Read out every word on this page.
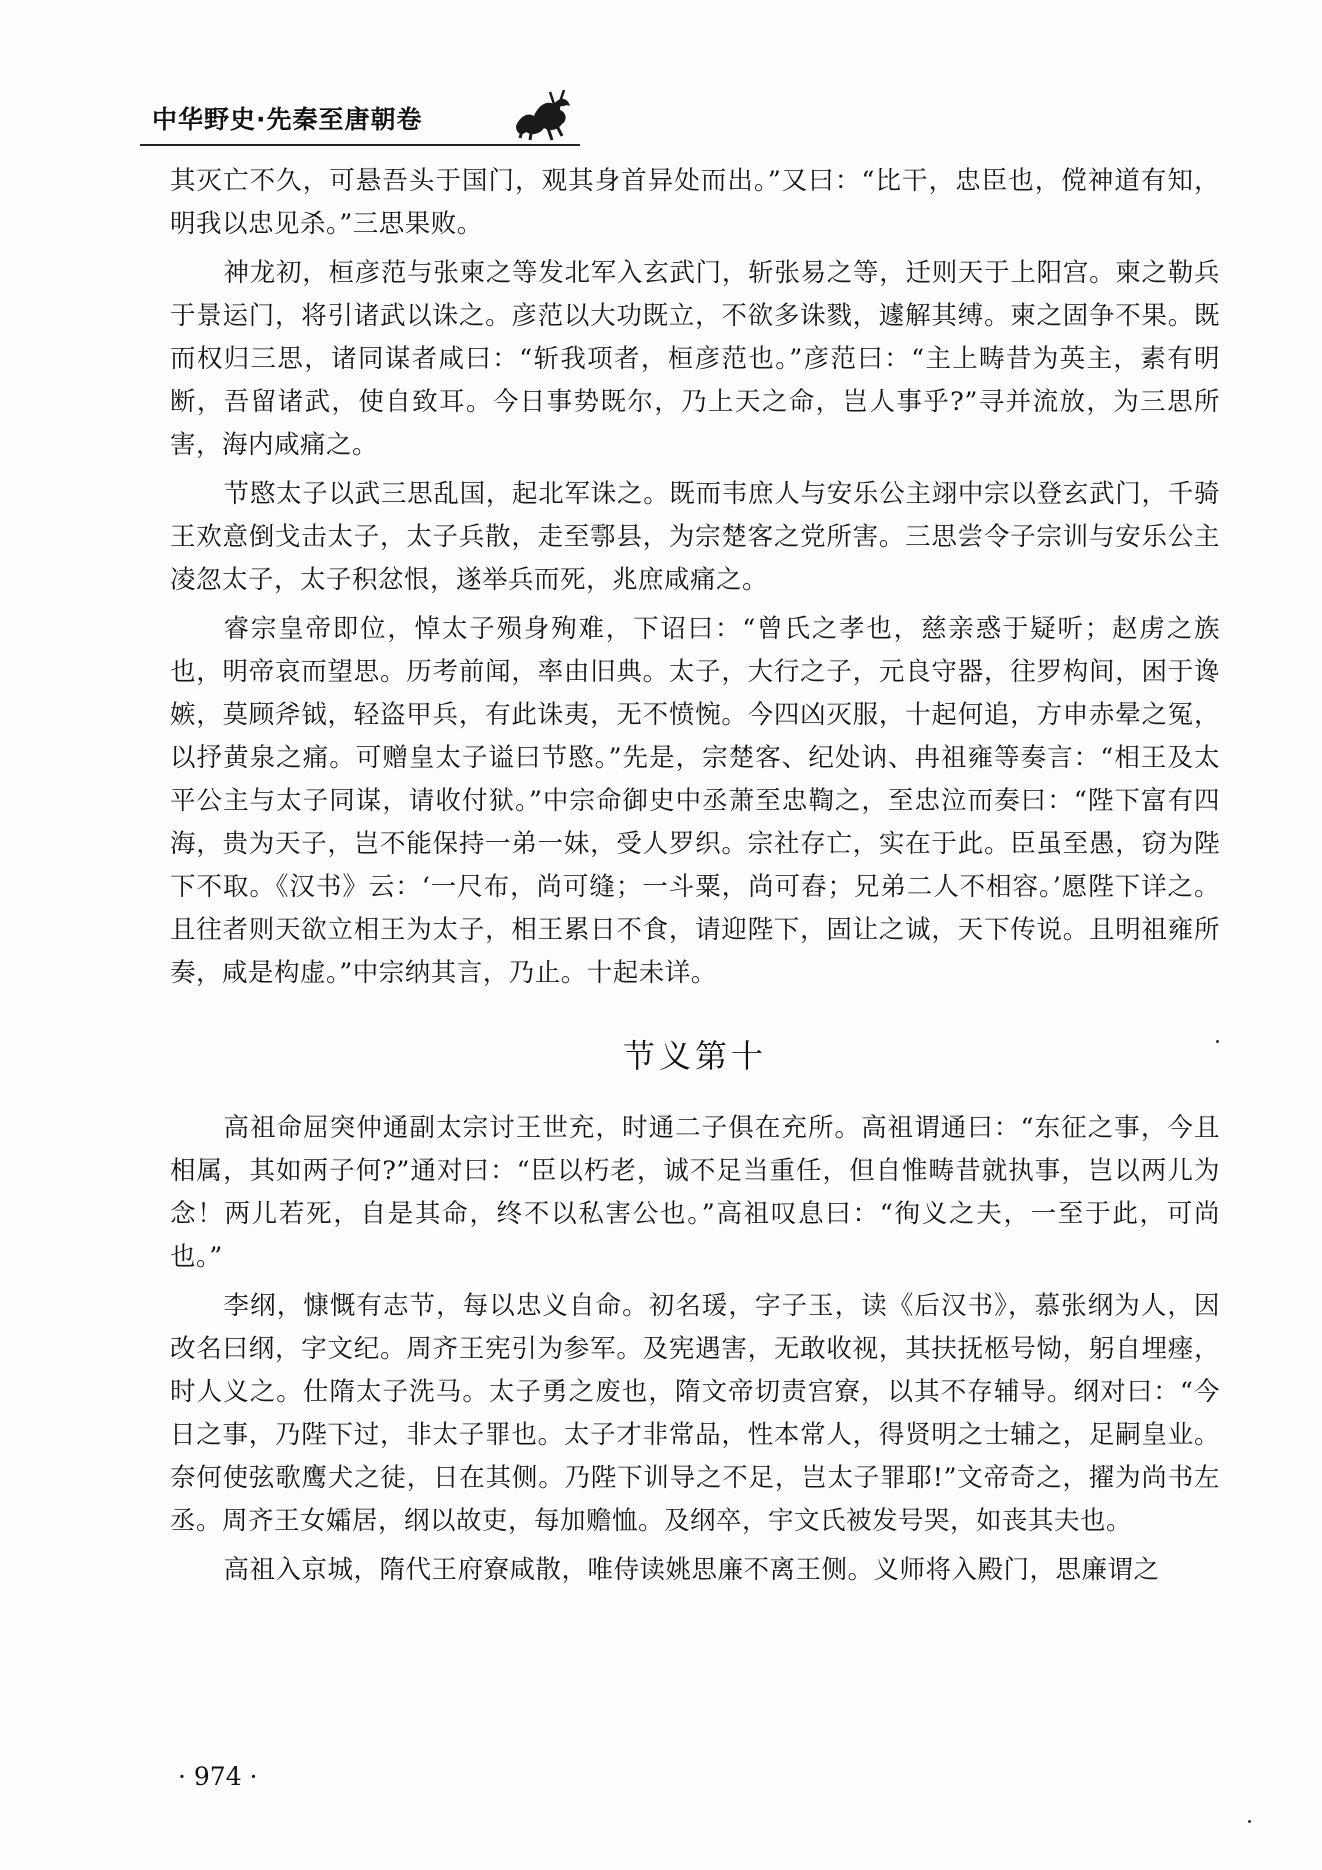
中华野史·先秦至唐朝卷

其灭亡不久，可悬吾头于国门，观其身首异处而出。”又曰：“比干，忠臣也，傥神道有知，明我以忠见杀。”三思果败。

神龙初，桓彦范与张柬之等发北军入玄武门，斩张易之等，迁则天于上阳宫。柬之勒兵于景运门，将引诸武以诛之。彦范以大功既立，不欲多诛戮，遽解其缚。柬之固争不果。既而权归三思，诸同谋者咸曰：“斩我项者，桓彦范也。”彦范曰：“主上畴昔为英主，素有明断，吾留诸武，使自致耳。今日事势既尔，乃上天之命，岂人事乎?”寻并流放，为三思所害，海内咸痛之。

节愍太子以武三思乱国，起北军诛之。既而韦庶人与安乐公主翊中宗以登玄武门，千骑王欢意倒戈击太子，太子兵散，走至鄠县，为宗楚客之党所害。三思尝令子宗训与安乐公主凌忽太子，太子积忿恨，遂举兵而死，兆庶咸痛之。

睿宗皇帝即位，悼太子殒身殉难，下诏曰：“曾氏之孝也，慈亲惑于疑听；赵虏之族也，明帝哀而望思。历考前闻，率由旧典。太子，大行之子，元良守器，往罗构间，困于谗嫉，莫顾斧钺，轻盗甲兵，有此诛夷，无不愤惋。今四凶灭服，十起何追，方申赤晕之冤，以抒黄泉之痛。可赠皇太子谥曰节愍。”先是，宗楚客、纪处讷、冉祖雍等奏言：“相王及太平公主与太子同谋，请收付狱。”中宗命御史中丞萧至忠鞫之，至忠泣而奏曰：“陛下富有四海，贵为天子，岂不能保持一弟一妹，受人罗织。宗社存亡，实在于此。臣虽至愚，窃为陛下不取。《汉书》云：‘一尺布，尚可缝；一斗粟，尚可舂；兄弟二人不相容。’愿陛下详之。且往者则天欲立相王为太子，相王累日不食，请迎陛下，固让之诚，天下传说。且明祖雍所奏，咸是构虚。”中宗纳其言，乃止。十起未详。

节义第十

高祖命屈突仲通副太宗讨王世充，时通二子俱在充所。高祖谓通曰：“东征之事，今且相属，其如两子何?”通对曰：“臣以朽老，诚不足当重任，但自惟畴昔就执事，岂以两儿为念！两儿若死，自是其命，终不以私害公也。”高祖叹息曰：“徇义之夫，一至于此，可尚也。”

李纲，慷慨有志节，每以忠义自命。初名瑗，字子玉，读《后汉书》，慕张纲为人，因改名曰纲，字文纪。周齐王宪引为参军。及宪遇害，无敢收视，其扶抚柩号恸，躬自埋瘗，时人义之。仕隋太子洗马。太子勇之废也，隋文帝切责宫寮，以其不存辅导。纲对曰：“今日之事，乃陛下过，非太子罪也。太子才非常品，性本常人，得贤明之士辅之，足嗣皇业。奈何使弦歌鹰犬之徒，日在其侧。乃陛下训导之不足，岂太子罪耶!”文帝奇之，擢为尚书左丞。周齐王女孀居，纲以故吏，每加赡恤。及纲卒，宇文氏被发号哭，如丧其夫也。

高祖入京城，隋代王府寮咸散，唯侍读姚思廉不离王侧。义师将入殿门，思廉谓之

· 974 ·
